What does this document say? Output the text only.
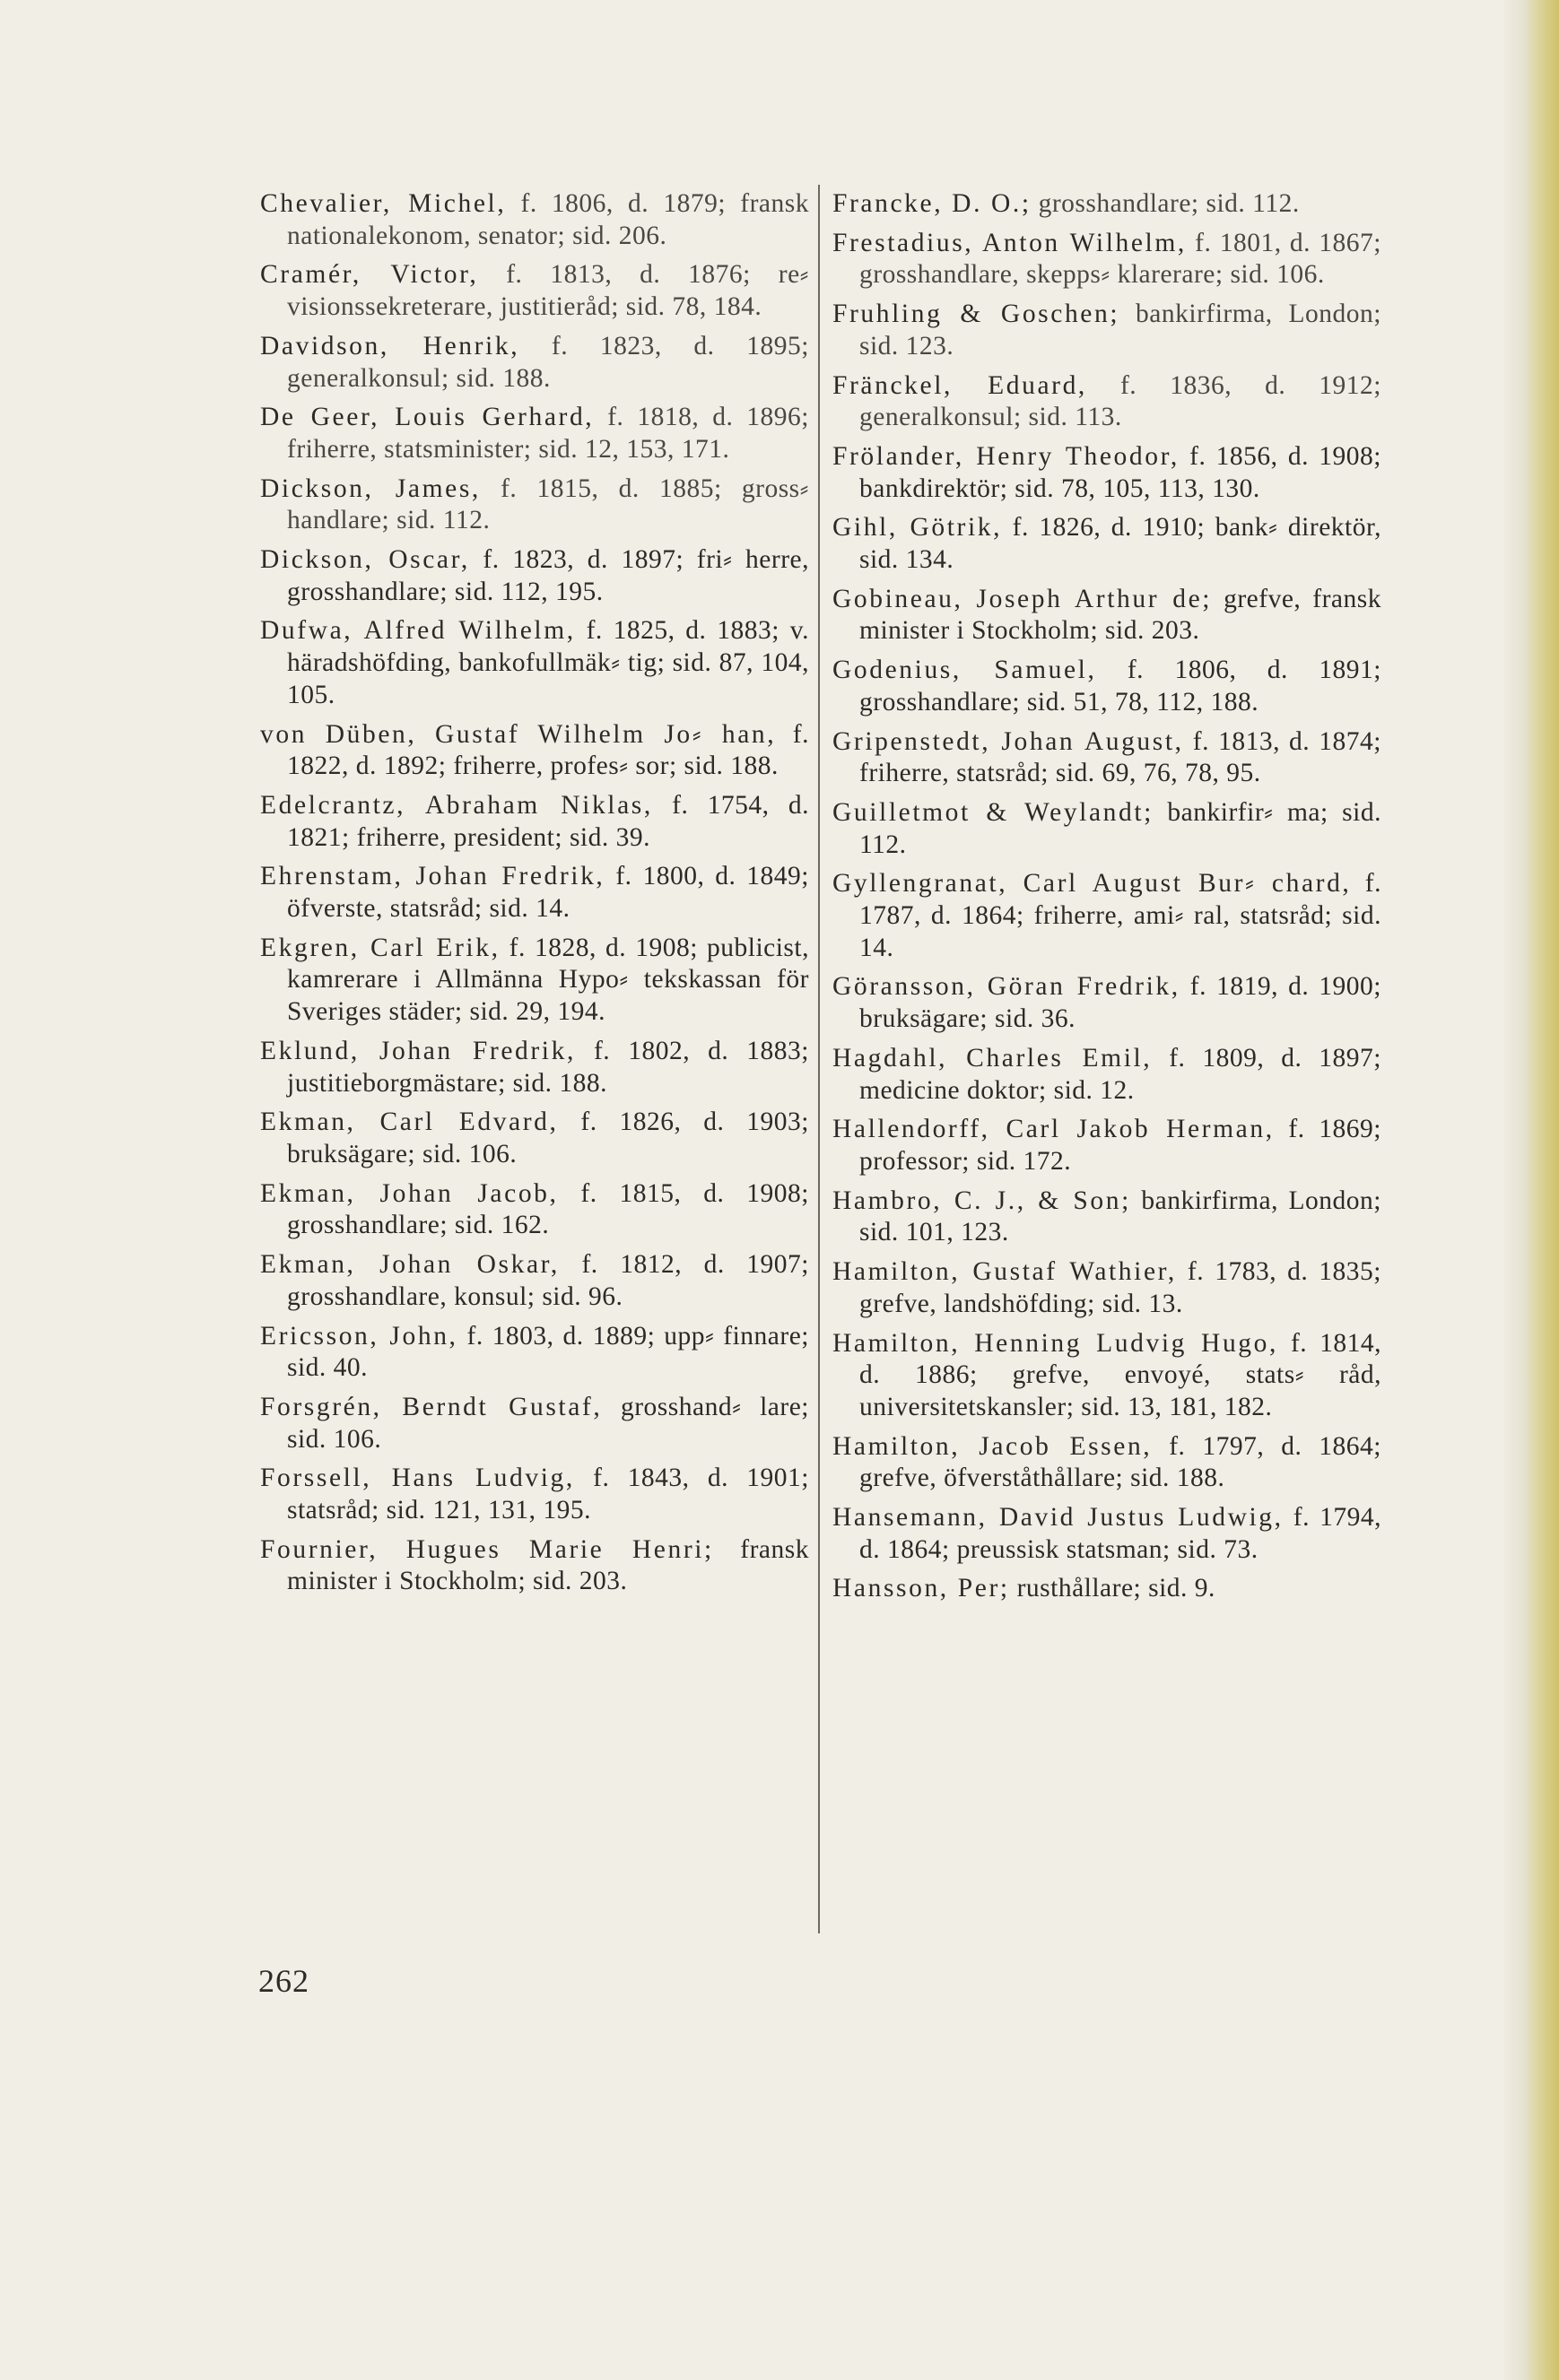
Chevalier, Michel, f. 1806, d. 1879; fransk nationalekonom, senator; sid. 206.

Cramér, Victor, f. 1813, d. 1876; re⸗ visionssekreterare, justitieråd; sid. 78, 184.

Davidson, Henrik, f. 1823, d. 1895; generalkonsul; sid. 188.

De Geer, Louis Gerhard, f. 1818, d. 1896; friherre, statsminister; sid. 12, 153, 171.

Dickson, James, f. 1815, d. 1885; gross⸗ handlare; sid. 112.

Dickson, Oscar, f. 1823, d. 1897; fri⸗ herre, grosshandlare; sid. 112, 195.

Dufwa, Alfred Wilhelm, f. 1825, d. 1883; v. häradshöfding, bankofullmäk⸗ tig; sid. 87, 104, 105.

von Düben, Gustaf Wilhelm Jo⸗ han, f. 1822, d. 1892; friherre, profes⸗ sor; sid. 188.

Edelcrantz, Abraham Niklas, f. 1754, d. 1821; friherre, president; sid. 39.

Ehrenstam, Johan Fredrik, f. 1800, d. 1849; öfverste, statsråd; sid. 14.

Ekgren, Carl Erik, f. 1828, d. 1908; publicist, kamrerare i Allmänna Hypo⸗ tekskassan för Sveriges städer; sid. 29, 194.

Eklund, Johan Fredrik, f. 1802, d. 1883; justitieborgmästare; sid. 188.

Ekman, Carl Edvard, f. 1826, d. 1903; bruksägare; sid. 106.

Ekman, Johan Jacob, f. 1815, d. 1908; grosshandlare; sid. 162.

Ekman, Johan Oskar, f. 1812, d. 1907; grosshandlare, konsul; sid. 96.

Ericsson, John, f. 1803, d. 1889; upp⸗ finnare; sid. 40.

Forsgrén, Berndt Gustaf, grosshand⸗ lare; sid. 106.

Forssell, Hans Ludvig, f. 1843, d. 1901; statsråd; sid. 121, 131, 195.

Fournier, Hugues Marie Henri; fransk minister i Stockholm; sid. 203.

Francke, D. O.; grosshandlare; sid. 112.

Frestadius, Anton Wilhelm, f. 1801, d. 1867; grosshandlare, skepps⸗ klarerare; sid. 106.

Fruhling & Goschen; bankirfirma, London; sid. 123.

Fränckel, Eduard, f. 1836, d. 1912; generalkonsul; sid. 113.

Frölander, Henry Theodor, f. 1856, d. 1908; bankdirektör; sid. 78, 105, 113, 130.

Gihl, Götrik, f. 1826, d. 1910; bank⸗ direktör, sid. 134.

Gobineau, Joseph Arthur de; grefve, fransk minister i Stockholm; sid. 203.

Godenius, Samuel, f. 1806, d. 1891; grosshandlare; sid. 51, 78, 112, 188.

Gripenstedt, Johan August, f. 1813, d. 1874; friherre, statsråd; sid. 69, 76, 78, 95.

Guilletmot & Weylandt; bankirfir⸗ ma; sid. 112.

Gyllengranat, Carl August Bur⸗ chard, f. 1787, d. 1864; friherre, ami⸗ ral, statsråd; sid. 14.

Göransson, Göran Fredrik, f. 1819, d. 1900; bruksägare; sid. 36.

Hagdahl, Charles Emil, f. 1809, d. 1897; medicine doktor; sid. 12.

Hallendorff, Carl Jakob Herman, f. 1869; professor; sid. 172.

Hambro, C. J., & Son; bankirfirma, London; sid. 101, 123.

Hamilton, Gustaf Wathier, f. 1783, d. 1835; grefve, landshöfding; sid. 13.

Hamilton, Henning Ludvig Hugo, f. 1814, d. 1886; grefve, envoyé, stats⸗ råd, universitetskansler; sid. 13, 181, 182.

Hamilton, Jacob Essen, f. 1797, d. 1864; grefve, öfverståthållare; sid. 188.

Hansemann, David Justus Ludwig, f. 1794, d. 1864; preussisk statsman; sid. 73.

Hansson, Per; rusthållare; sid. 9.

262
